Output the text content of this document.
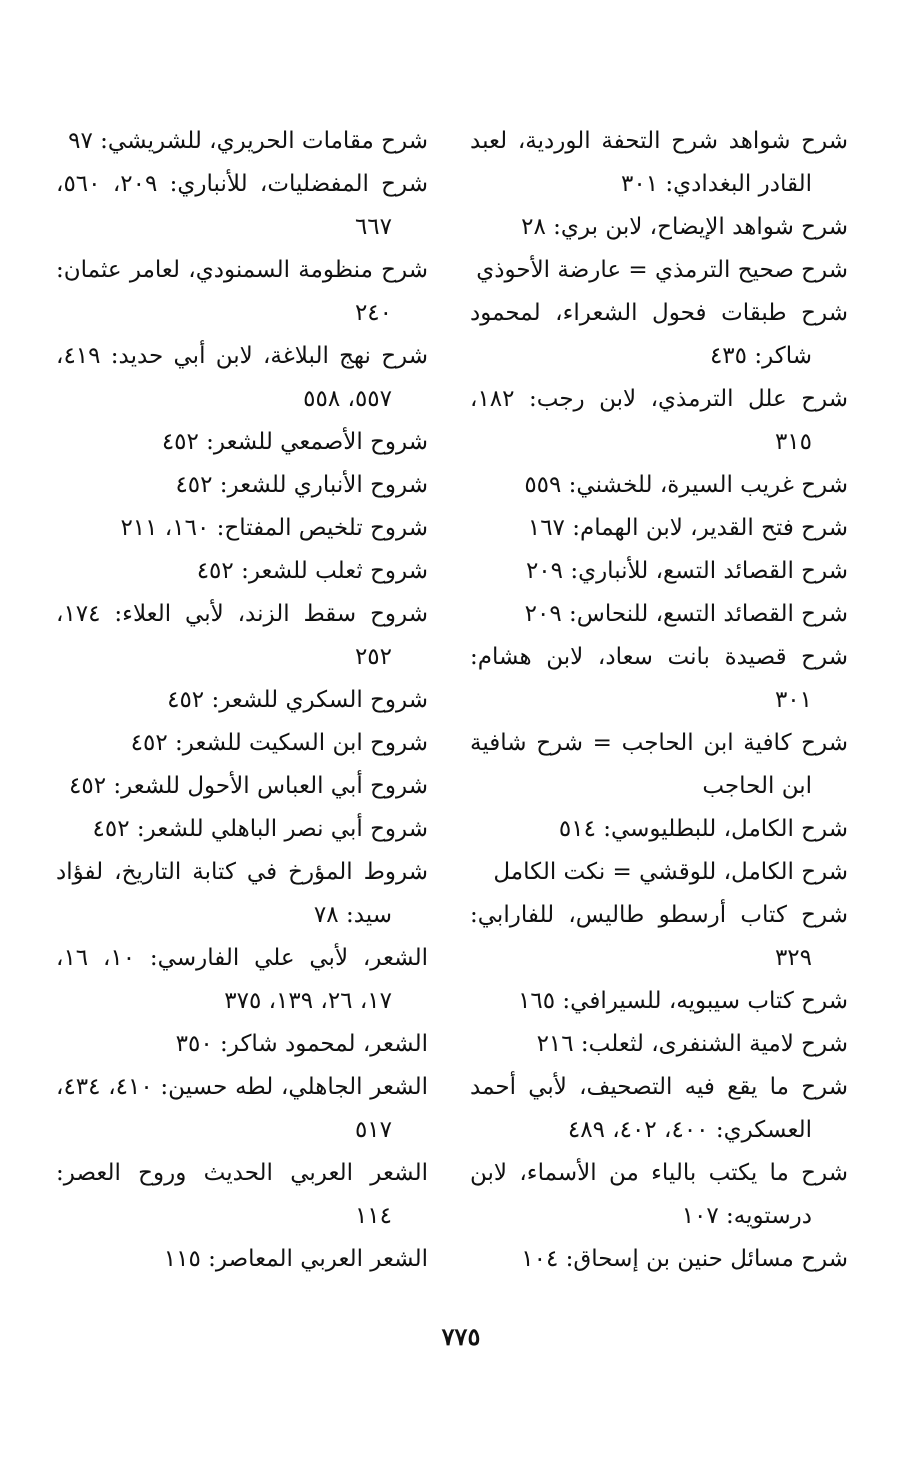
شرح شواهد شرح التحفة الوردية، لعبد القادر البغدادي: ٣٠١

شرح شواهد الإيضاح، لابن بري: ٢٨

شرح صحيح الترمذي = عارضة الأحوذي

شرح طبقات فحول الشعراء، لمحمود شاكر: ٤٣٥

شرح علل الترمذي، لابن رجب: ١٨٢، ٣١٥

شرح غريب السيرة، للخشني: ٥٥٩

شرح فتح القدير، لابن الهمام: ١٦٧

شرح القصائد التسع، للأنباري: ٢٠٩

شرح القصائد التسع، للنحاس: ٢٠٩

شرح قصيدة بانت سعاد، لابن هشام: ٣٠١

شرح كافية ابن الحاجب = شرح شافية ابن الحاجب

شرح الكامل، للبطليوسي: ٥١٤

شرح الكامل، للوقشي = نكت الكامل

شرح كتاب أرسطو طاليس، للفارابي: ٣٢٩

شرح كتاب سيبويه، للسيرافي: ١٦٥

شرح لامية الشنفرى، لثعلب: ٢١٦

شرح ما يقع فيه التصحيف، لأبي أحمد العسكري: ٤٠٠، ٤٠٢، ٤٨٩

شرح ما يكتب بالياء من الأسماء، لابن درستويه: ١٠٧

شرح مسائل حنين بن إسحاق: ١٠٤

شرح مقامات الحريري، للشريشي: ٩٧

شرح المفضليات، للأنباري: ٢٠٩، ٥٦٠، ٦٦٧

شرح منظومة السمنودي، لعامر عثمان: ٢٤٠

شرح نهج البلاغة، لابن أبي حديد: ٤١٩، ٥٥٧، ٥٥٨

شروح الأصمعي للشعر: ٤٥٢

شروح الأنباري للشعر: ٤٥٢

شروح تلخيص المفتاح: ١٦٠، ٢١١

شروح ثعلب للشعر: ٤٥٢

شروح سقط الزند، لأبي العلاء: ١٧٤، ٢٥٢

شروح السكري للشعر: ٤٥٢

شروح ابن السكيت للشعر: ٤٥٢

شروح أبي العباس الأحول للشعر: ٤٥٢

شروح أبي نصر الباهلي للشعر: ٤٥٢

شروط المؤرخ في كتابة التاريخ، لفؤاد سيد: ٧٨

الشعر، لأبي علي الفارسي: ١٠، ١٦، ١٧، ٢٦، ١٣٩، ٣٧٥

الشعر، لمحمود شاكر: ٣٥٠

الشعر الجاهلي، لطه حسين: ٤١٠، ٤٣٤، ٥١٧

الشعر العربي الحديث وروح العصر: ١١٤

الشعر العربي المعاصر: ١١٥

٧٧٥
